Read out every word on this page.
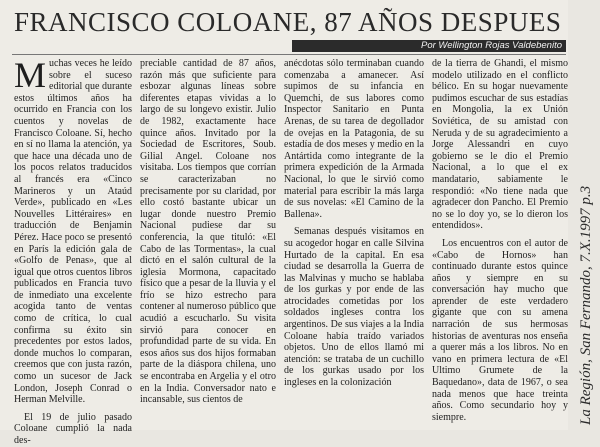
FRANCISCO COLOANE, 87 AÑOS DESPUES
Por Wellington Rojas Valdebenito

Muchas veces he leído sobre el suceso editorial que durante estos últimos años ha ocurrido en Francia con los cuentos y novelas de Francisco Coloane. Sí, hecho en sí no llama la atención, ya que hace una década uno de los pocos relatos traducidos al francés era «Cinco Marineros y un Ataúd Verde», publicado en «Les Nouvelles Littéraires» en traducción de Benjamin Pérez. Hace poco se presentó en París la edición gala de «Golfo de Penas», que al igual que otros cuentos libros publicados en Francia tuvo de inmediato una excelente acogida tanto de ventas como de crítica, lo cual confirma su éxito sin precedentes por estos lados, donde muchos lo comparan, creemos que con justa razón, como un sucesor de Jack London, Joseph Conrad o Herman Melville.

El 19 de julio pasado Coloane cumplió la nada des-

preciable cantidad de 87 años, razón más que suficiente para esbozar algunas líneas sobre diferentes etapas vividas a lo largo de su longevo existir. Julio de 1982, exactamente hace quince años. Invitado por la Sociedad de Escritores, Soub. Gilial Angel. Coloane nos visitaba. Los tiempos que corrían se caracterizaban no precisamente por su claridad, por ello costó bastante ubicar un lugar donde nuestro Premio Nacional pudiese dar su conferencia, la que tituló: «El Cabo de las Tormentas», la cual dictó en el salón cultural de la iglesia Mormona, capacitado físico que a pesar de la lluvia y el frío se hizo estrecho para contener al numeroso público que acudió a escucharlo. Su visita sirvió para conocer en profundidad parte de su vida. En esos años sus dos hijos formaban parte de la diáspora chilena, uno se encontraba en Argelia y el otro en la India. Conversador nato e incansable, sus cientos de

anécdotas sólo terminaban cuando comenzaba a amanecer. Así supimos de su infancia en Quemchi, de sus labores como Inspector Sanitario en Punta Arenas, de su tarea de degollador de ovejas en la Patagonia, de su estadía de dos meses y medio en la Antártida como integrante de la primera expedición de la Armada Nacional, lo que le sirvió como material para escribir la más larga de sus novelas: «El Camino de la Ballena».

Semanas después visitamos en su acogedor hogar en calle Silvina Hurtado de la capital. En esa ciudad se desarrolla la Guerra de las Malvinas y mucho se hablaba de los gurkas y por ende de las atrocidades cometidas por los soldados ingleses contra los argentinos. De sus viajes a la India Coloane había traído variados objetos. Uno de ellos llamó mi atención: se trataba de un cuchillo de los gurkas usado por los ingleses en la colonización

de la tierra de Ghandi, el mismo modelo utilizado en el conflicto bélico. En su hogar nuevamente pudimos escuchar de sus estadías en Mongolia, la ex Unión Soviética, de su amistad con Neruda y de su agradecimiento a Jorge Alessandri en cuyo gobierno se le dio el Premio Nacional, a lo que el ex mandatario, sabiamente le respondió: «No tiene nada que agradecer don Pancho. El Premio no se lo doy yo, se lo dieron los entendidos».

Los encuentros con el autor de «Cabo de Hornos» han continuado durante estos quince años y siempre en su conversación hay mucho que aprender de este verdadero gigante que con su amena narración de sus hermosas historias de aventuras nos enseña a querer más a los libros. No en vano en primera lectura de «El Ultimo Grumete de la Baquedano», data de 1967, o sea nada menos que hace treinta años. Como secundario hoy y siempre.	La Región, San Fernando, 7.X.1997 p.3
